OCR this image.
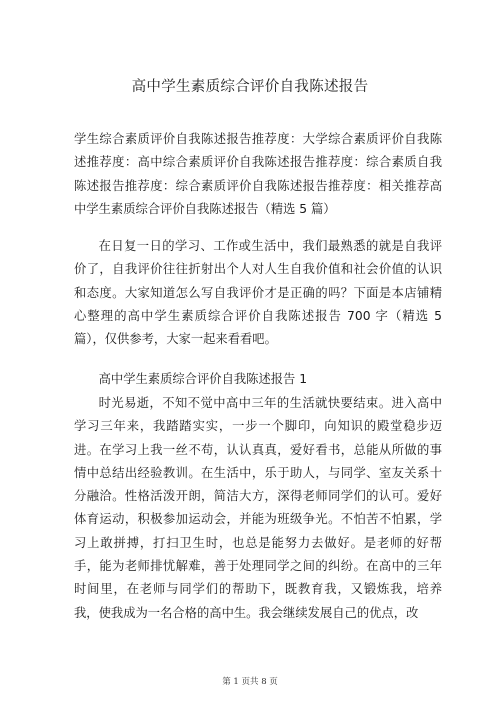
高中学生素质综合评价自我陈述报告

学生综合素质评价自我陈述报告推荐度：大学综合素质评价自我陈述推荐度：高中综合素质评价自我陈述报告推荐度：综合素质自我陈述报告推荐度：综合素质评价自我陈述报告推荐度：相关推荐高中学生素质综合评价自我陈述报告（精选 5 篇）

在日复一日的学习、工作或生活中，我们最熟悉的就是自我评价了，自我评价往往折射出个人对人生自我价值和社会价值的认识和态度。大家知道怎么写自我评价才是正确的吗？下面是本店铺精心整理的高中学生素质综合评价自我陈述报告 700 字（精选 5 篇），仅供参考，大家一起来看看吧。

高中学生素质综合评价自我陈述报告 1

时光易逝，不知不觉中高中三年的生活就快要结束。进入高中学习三年来，我踏踏实实，一步一个脚印，向知识的殿堂稳步迈进。在学习上我一丝不苟，认认真真，爱好看书，总能从所做的事情中总结出经验教训。在生活中，乐于助人，与同学、室友关系十分融洽。性格活泼开朗，简洁大方，深得老师同学们的认可。爱好体育运动，积极参加运动会，并能为班级争光。不怕苦不怕累，学习上敢拼搏，打扫卫生时，也总是能努力去做好。是老师的好帮手，能为老师排忧解难，善于处理同学之间的纠纷。在高中的三年时间里，在老师与同学们的帮助下，既教育我，又锻炼我，培养我，使我成为一名合格的高中生。我会继续发展自己的优点，改

第 1 页共 8 页
